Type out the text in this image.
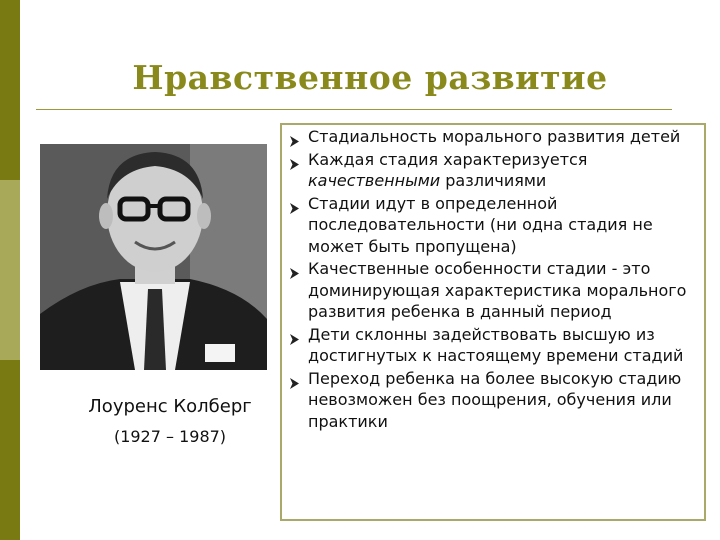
Нравственное развитие
Лоуренс Колберг
(1927 – 1987)
Стадиальность морального развития детей
Каждая стадия характеризуется качественными различиями
Стадии идут в определенной последовательности (ни одна стадия не может быть пропущена)
Качественные особенности стадии - это доминирующая характеристика морального развития ребенка в данный период
Дети склонны задействовать высшую из достигнутых к настоящему времени стадий
Переход ребенка на более высокую стадию невозможен без поощрения, обучения или практики
